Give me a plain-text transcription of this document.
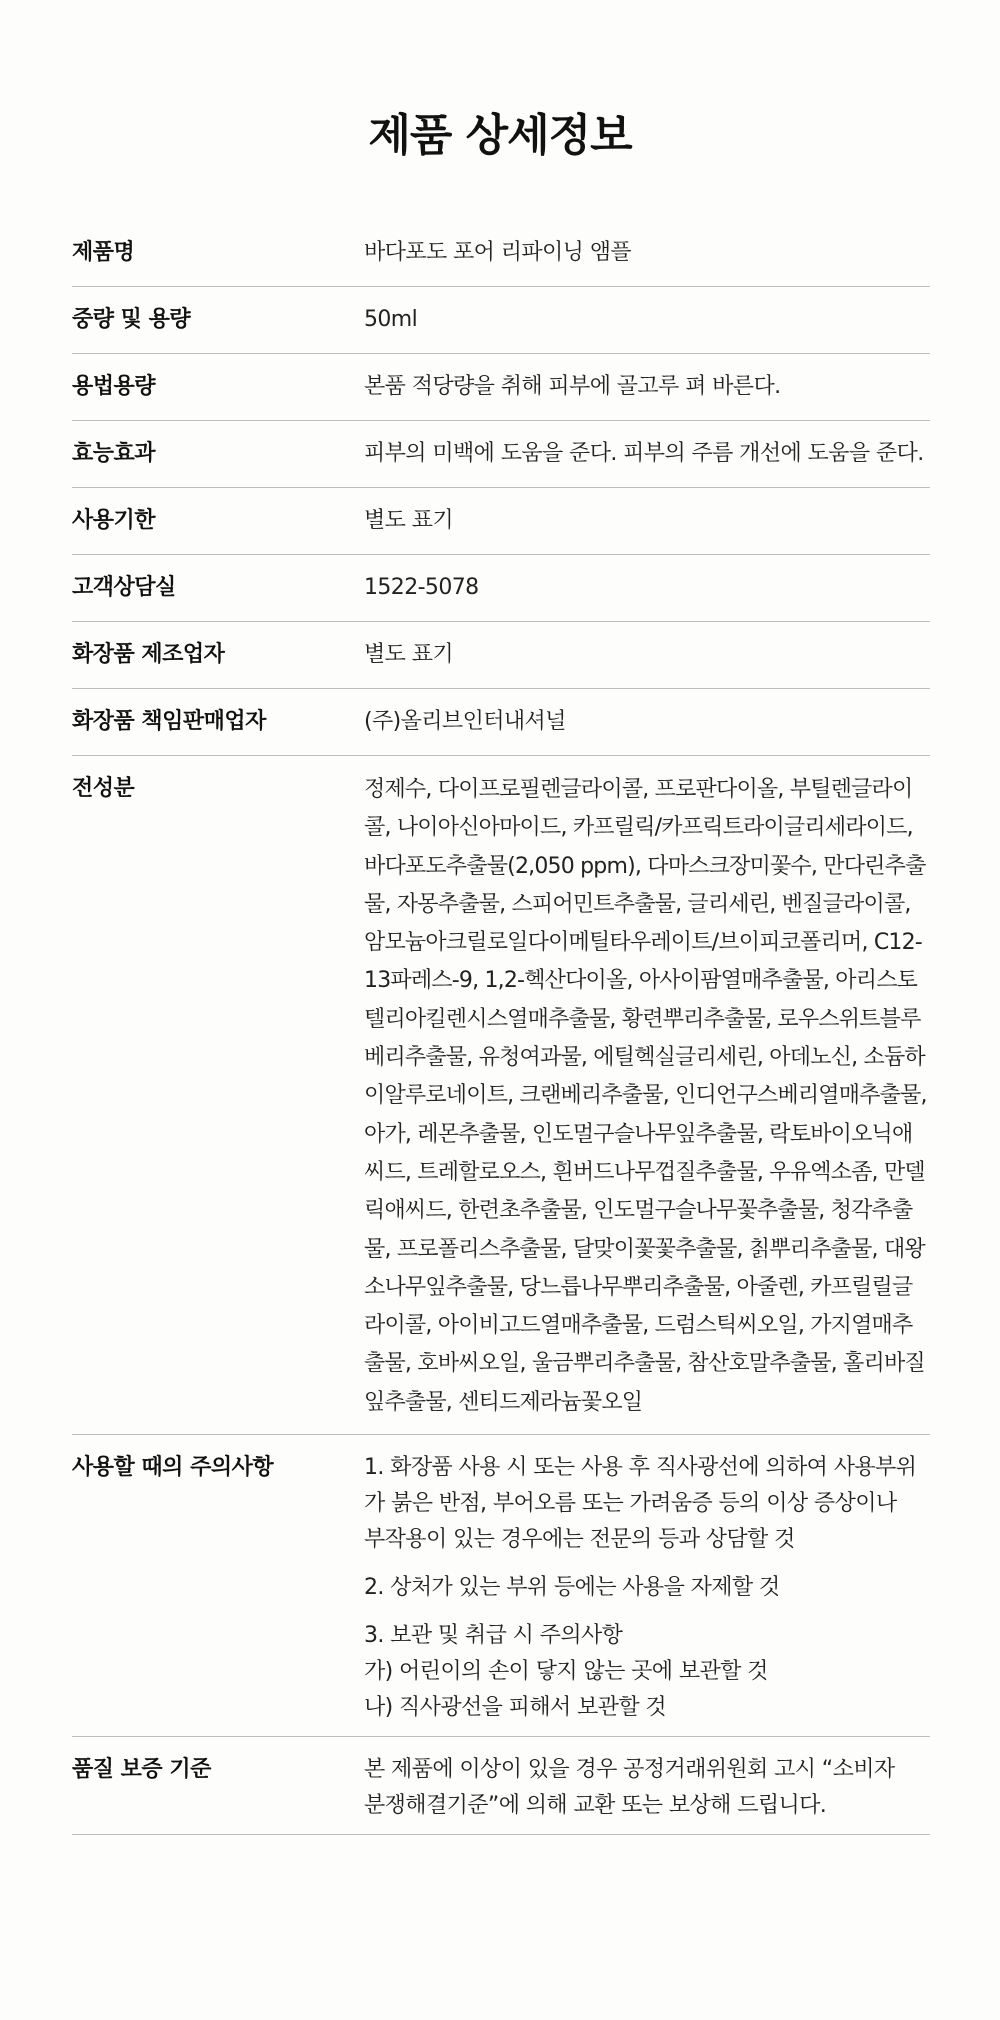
제품 상세정보
제품명	바다포도 포어 리파이닝 앰플
중량 및 용량	50ml
용법용량	본품 적당량을 취해 피부에 골고루 펴 바른다.
효능효과	피부의 미백에 도움을 준다. 피부의 주름 개선에 도움을 준다.
사용기한	별도 표기
고객상담실	1522-5078
화장품 제조업자	별도 표기
화장품 책임판매업자	(주)올리브인터내셔널
전성분	정제수, 다이프로필렌글라이콜, 프로판다이올, 부틸렌글라이콜, 나이아신아마이드, 카프릴릭/카프릭트라이글리세라이드, 바다포도추출물(2,050 ppm), 다마스크장미꽃수, 만다린추출물, 자몽추출물, 스피어민트추출물, 글리세린, 벤질글라이콜, 암모늄아크릴로일다이메틸타우레이트/브이피코폴리머, C12-13파레스-9, 1,2-헥산다이올, 아사이팜열매추출물, 아리스토텔리아킬렌시스열매추출물, 황련뿌리추출물, 로우스위트블루베리추출물, 유청여과물, 에틸헥실글리세린, 아데노신, 소듐하이알루로네이트, 크랜베리추출물, 인디언구스베리열매추출물, 아가, 레몬추출물, 인도멀구슬나무잎추출물, 락토바이오닉애씨드, 트레할로오스, 흰버드나무껍질추출물, 우유엑소좀, 만델릭애씨드, 한련초추출물, 인도멀구슬나무꽃추출물, 청각추출물, 프로폴리스추출물, 달맞이꽃꽃추출물, 칡뿌리추출물, 대왕소나무잎추출물, 당느릅나무뿌리추출물, 아줄렌, 카프릴릴글라이콜, 아이비고드열매추출물, 드럼스틱씨오일, 가지열매추출물, 호바씨오일, 울금뿌리추출물, 참산호말추출물, 홀리바질잎추출물, 센티드제라늄꽃오일
사용할 때의 주의사항	1. 화장품 사용 시 또는 사용 후 직사광선에 의하여 사용부위
가 붉은 반점, 부어오름 또는 가려움증 등의 이상 증상이나
부작용이 있는 경우에는 전문의 등과 상담할 것
2. 상처가 있는 부위 등에는 사용을 자제할 것
3. 보관 및 취급 시 주의사항
가) 어린이의 손이 닿지 않는 곳에 보관할 것
나) 직사광선을 피해서 보관할 것
품질 보증 기준	본 제품에 이상이 있을 경우 공정거래위원회 고시 “소비자
분쟁해결기준”에 의해 교환 또는 보상해 드립니다.
